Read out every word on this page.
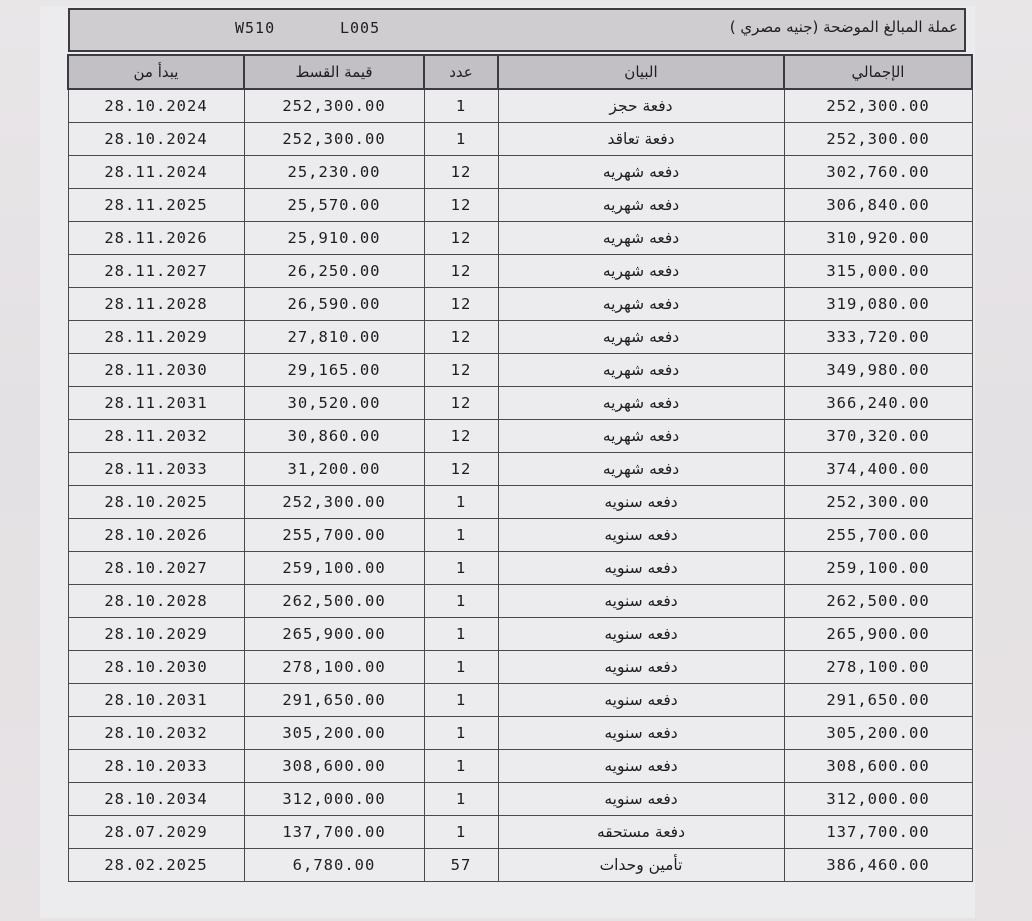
W510	L005	عملة المبالغ الموضحة (جنيه مصري )
يبدأ من	قيمة القسط	عدد	البيان	الإجمالي
28.10.2024	252,300.00	1	دفعة حجز	252,300.00
28.10.2024	252,300.00	1	دفعة تعاقد	252,300.00
28.11.2024	25,230.00	12	دفعه شهريه	302,760.00
28.11.2025	25,570.00	12	دفعه شهريه	306,840.00
28.11.2026	25,910.00	12	دفعه شهريه	310,920.00
28.11.2027	26,250.00	12	دفعه شهريه	315,000.00
28.11.2028	26,590.00	12	دفعه شهريه	319,080.00
28.11.2029	27,810.00	12	دفعه شهريه	333,720.00
28.11.2030	29,165.00	12	دفعه شهريه	349,980.00
28.11.2031	30,520.00	12	دفعه شهريه	366,240.00
28.11.2032	30,860.00	12	دفعه شهريه	370,320.00
28.11.2033	31,200.00	12	دفعه شهريه	374,400.00
28.10.2025	252,300.00	1	دفعه سنويه	252,300.00
28.10.2026	255,700.00	1	دفعه سنويه	255,700.00
28.10.2027	259,100.00	1	دفعه سنويه	259,100.00
28.10.2028	262,500.00	1	دفعه سنويه	262,500.00
28.10.2029	265,900.00	1	دفعه سنويه	265,900.00
28.10.2030	278,100.00	1	دفعه سنويه	278,100.00
28.10.2031	291,650.00	1	دفعه سنويه	291,650.00
28.10.2032	305,200.00	1	دفعه سنويه	305,200.00
28.10.2033	308,600.00	1	دفعه سنويه	308,600.00
28.10.2034	312,000.00	1	دفعه سنويه	312,000.00
28.07.2029	137,700.00	1	دفعة مستحقه	137,700.00
28.02.2025	6,780.00	57	تأمين وحدات	386,460.00
